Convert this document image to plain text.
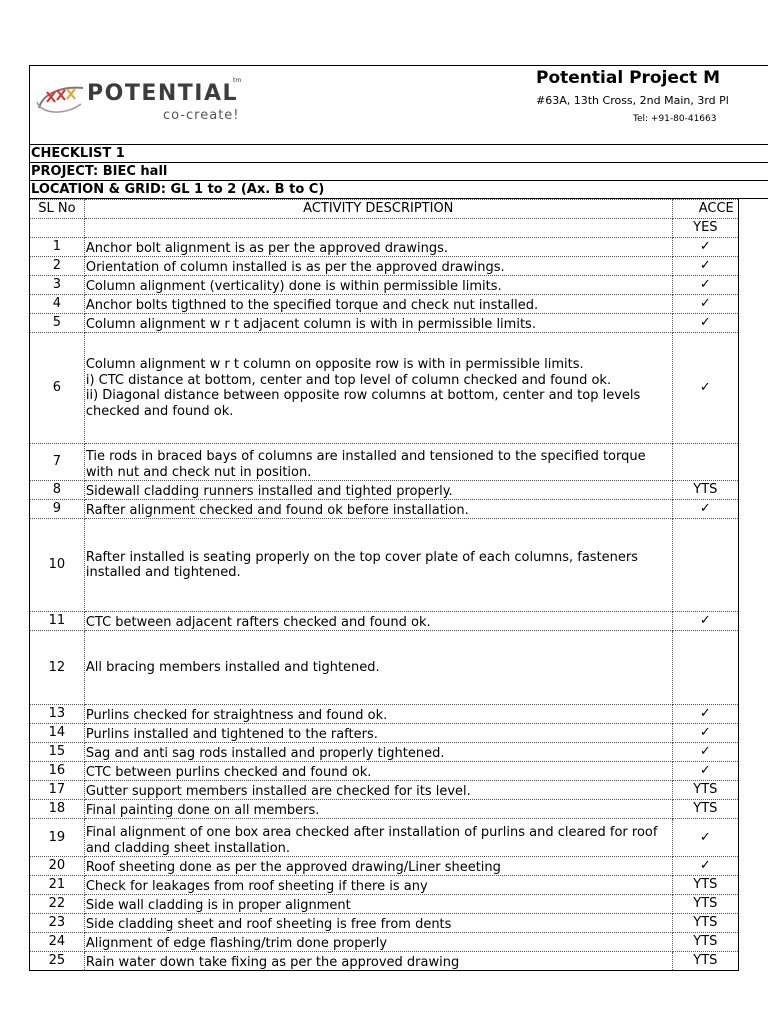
POTENTIAL
tm
co-create!
Potential Project M
#63A, 13th Cross, 2nd Main, 3rd Pl
Tel: +91-80-41663
CHECKLIST 1
PROJECT: BIEC hall
LOCATION & GRID: GL 1 to 2 (Ax. B to C)
SL No	ACTIVITY DESCRIPTION	ACCE
		YES
1	Anchor bolt alignment is as per the approved drawings.	✓
2	Orientation of column installed is as per the approved drawings.	✓
3	Column alignment (verticality) done is within permissible limits.	✓
4	Anchor bolts tigthned to the specified torque and check nut installed.	✓
5	Column alignment w r t adjacent column is with in permissible limits.	✓
6	Column alignment w r t column on opposite row is with in permissible limits.
i) CTC distance at bottom, center and top level of column checked and found ok.
ii) Diagonal distance between opposite row columns at bottom, center and top levels checked and found ok.	✓
7	Tie rods in braced bays of columns are installed and tensioned to the specified torque with nut and check nut in position.	

8	Sidewall cladding runners installed and tighted properly.	YTS
9	Rafter alignment checked and found ok before installation.	✓
10	Rafter installed is seating properly on the top cover plate of each columns, fasteners installed and tightened.	

11	CTC between adjacent rafters checked and found ok.	✓
12	All bracing members installed and tightened.	

13	Purlins checked for straightness and found ok.	✓
14	Purlins installed and tightened to the rafters.	✓
15	Sag and anti sag rods installed and properly tightened.	✓
16	CTC between purlins checked and found ok.	✓
17	Gutter support members installed are checked for its level.	YTS
18	Final painting done on all members.	YTS
19	Final alignment of one box area checked after installation of purlins and cleared for roof and cladding sheet installation.	✓
20	Roof sheeting done as per the approved drawing/Liner sheeting	✓
21	Check for leakages from roof sheeting if there is any	YTS
22	Side wall cladding is in proper alignment	YTS
23	Side cladding sheet and roof sheeting is free from dents	YTS
24	Alignment of edge flashing/trim done properly	YTS
25	Rain water down take fixing as per the approved drawing	YTS
